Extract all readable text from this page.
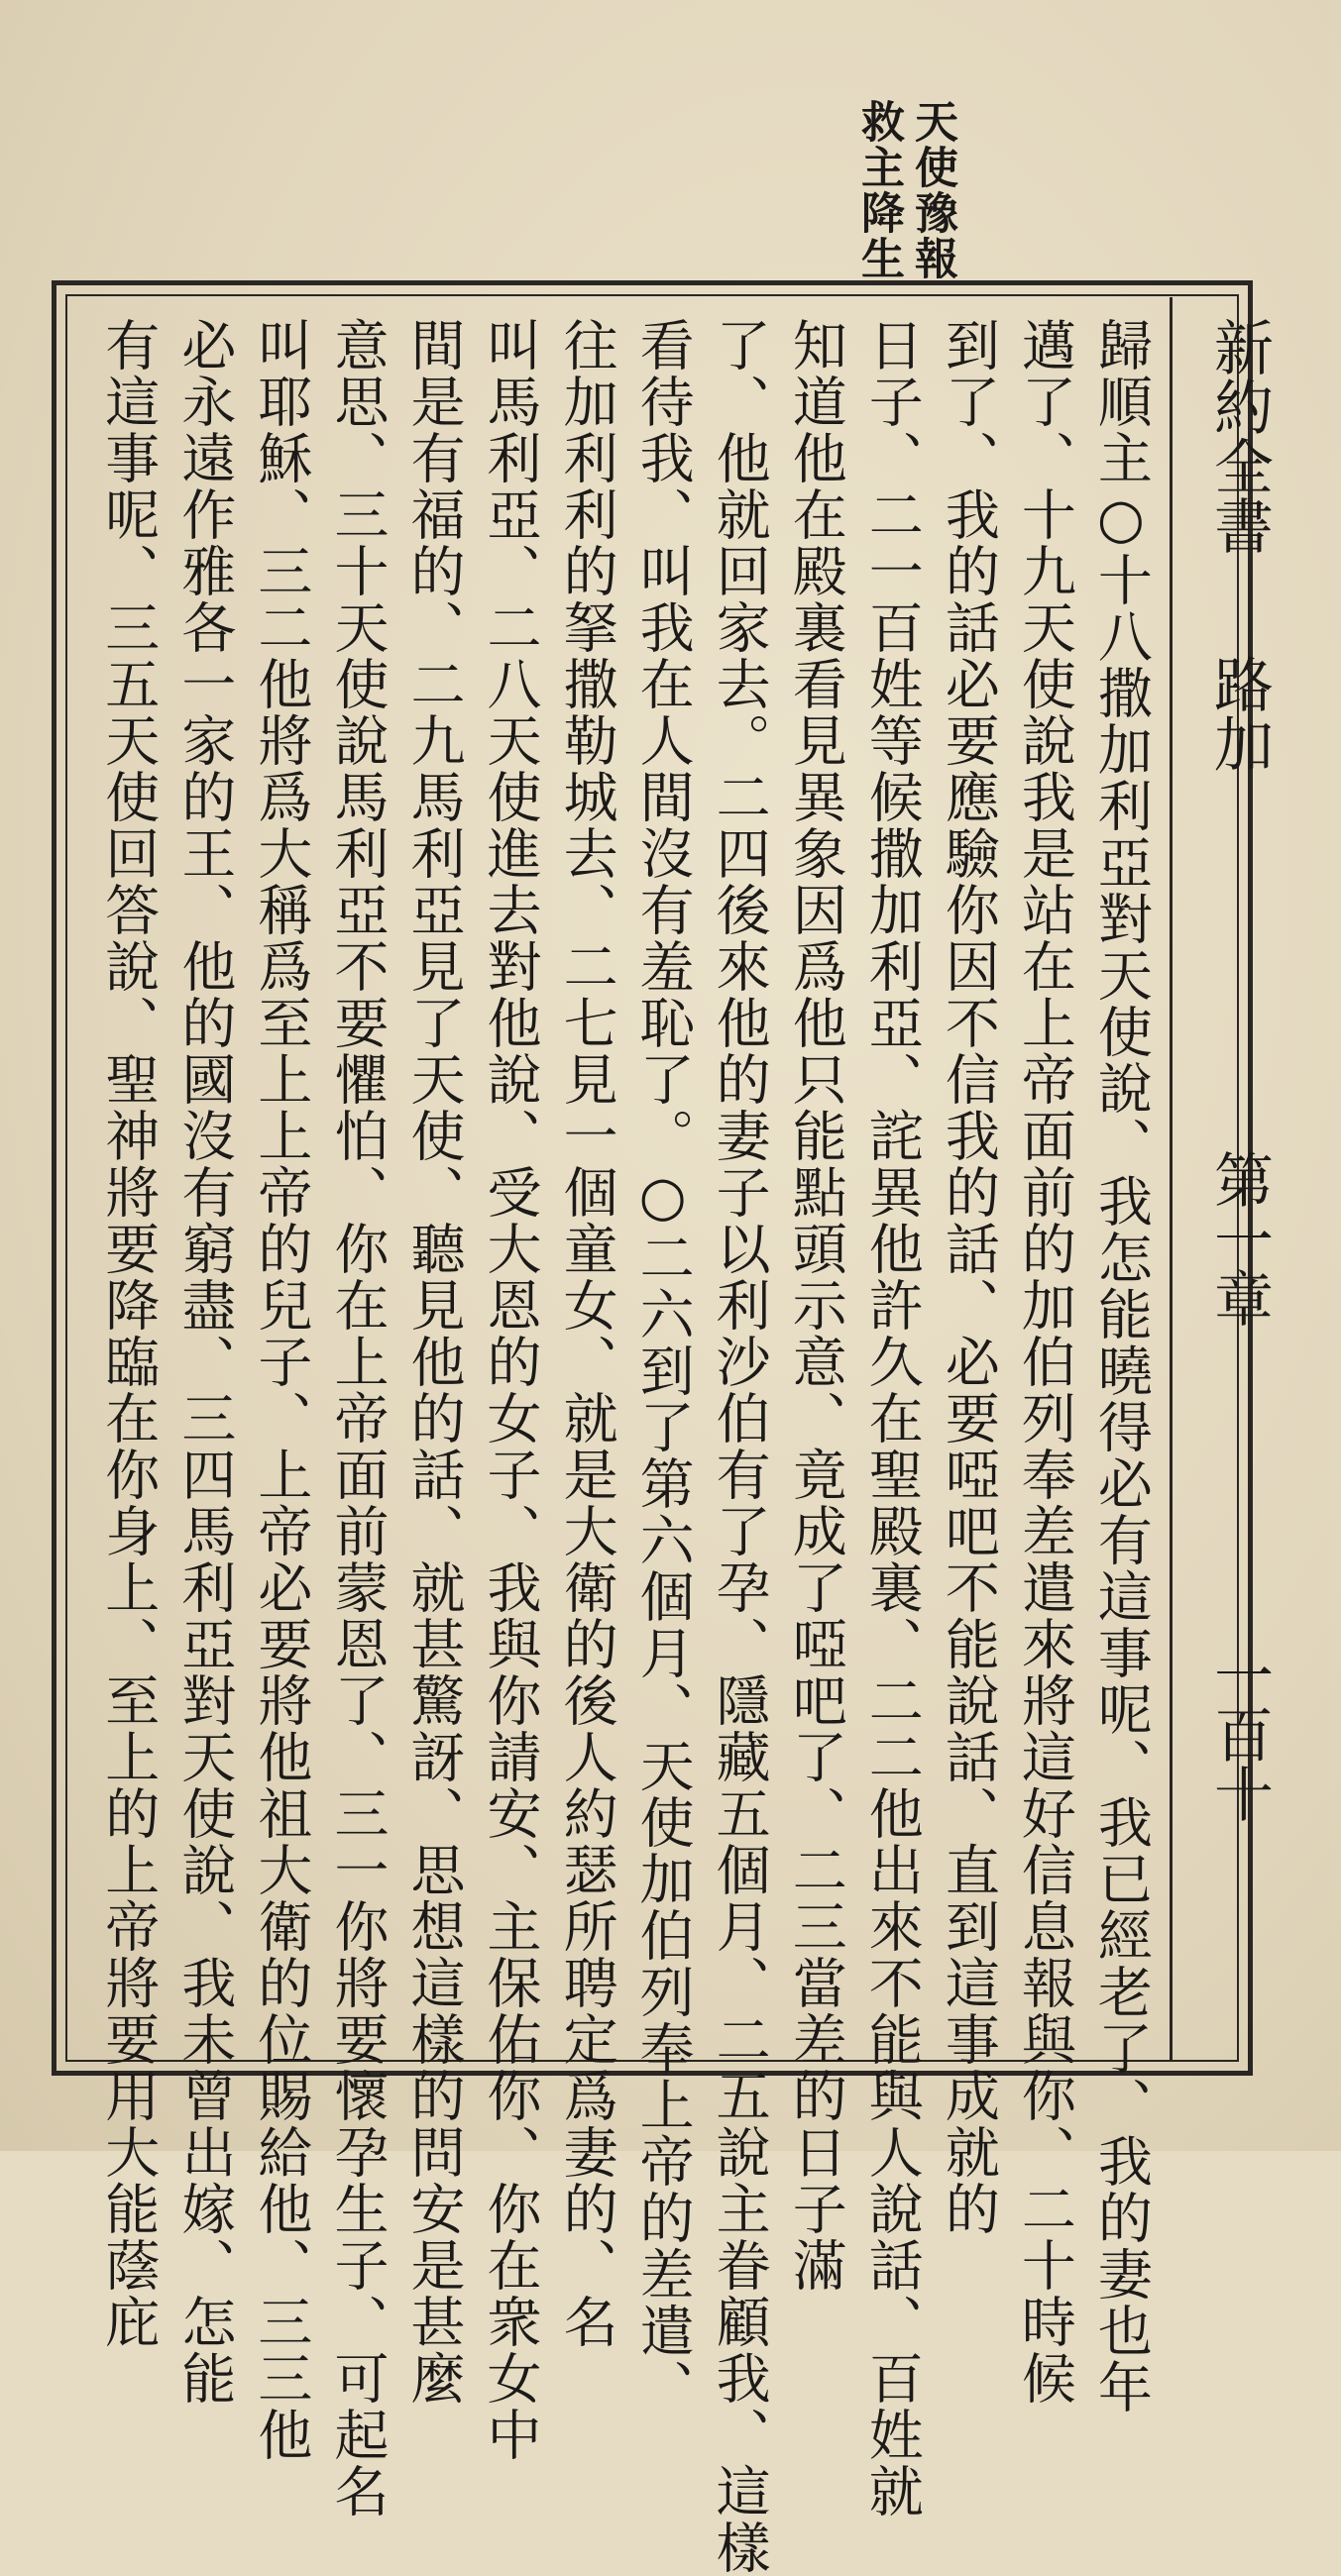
天使豫報
救主降生
新約全書
路加
第一章
一百十
歸順主○十八撒加利亞對天使說、我怎能曉得必有這事呢、我已經老了、我的妻也年
邁了、十九天使說我是站在上帝面前的加伯列奉差遣來將這好信息報與你、二十時候
到了、我的話必要應驗你因不信我的話、必要啞吧不能說話、直到這事成就的
日子、二一百姓等候撒加利亞、詫異他許久在聖殿裏、二二他出來不能與人說話、百姓就
知道他在殿裏看見異象因爲他只能點頭示意、竟成了啞吧了、二三當差的日子滿
了、他就回家去。二四後來他的妻子以利沙伯有了孕、隱藏五個月、二五說主眷顧我、這樣
看待我、叫我在人間沒有羞恥了。○二六到了第六個月、天使加伯列奉上帝的差遣、
往加利利的拏撒勒城去、二七見一個童女、就是大衛的後人約瑟所聘定爲妻的、名
叫馬利亞、二八天使進去對他說、受大恩的女子、我與你請安、主保佑你、你在衆女中
間是有福的、二九馬利亞見了天使、聽見他的話、就甚驚訝、思想這樣的問安是甚麼
意思、三十天使說馬利亞不要懼怕、你在上帝面前蒙恩了、三一你將要懷孕生子、可起名
叫耶穌、三二他將爲大稱爲至上上帝的兒子、上帝必要將他祖大衛的位賜給他、三三他
必永遠作雅各一家的王、他的國沒有窮盡、三四馬利亞對天使說、我未曾出嫁、怎能
有這事呢、三五天使回答說、聖神將要降臨在你身上、至上的上帝將要用大能蔭庇
